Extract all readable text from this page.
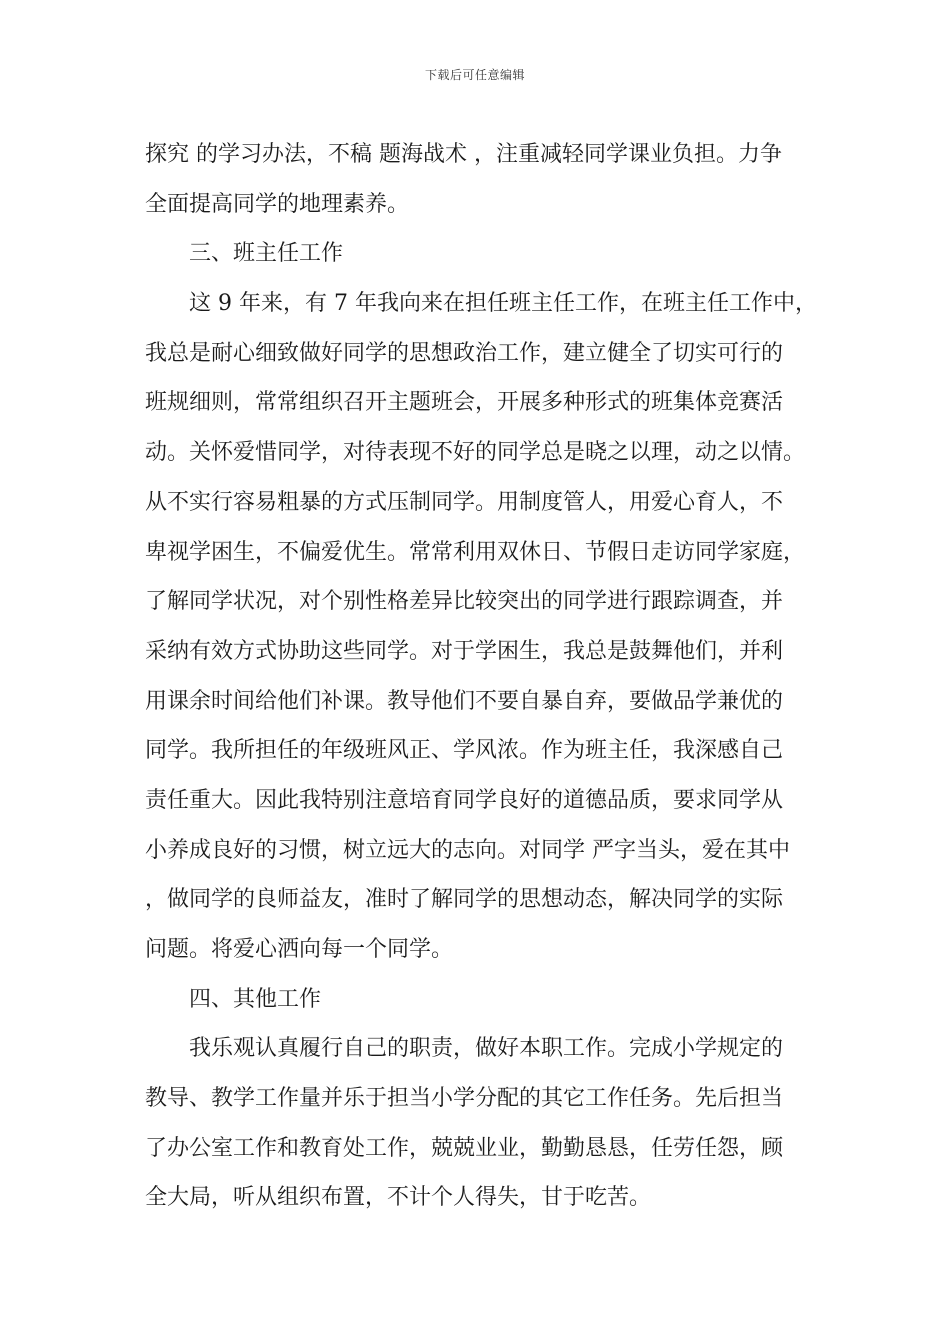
下载后可任意编辑
探究 的学习办法，不稿 题海战术 ，注重减轻同学课业负担。力争
全面提高同学的地理素养。
三、班主任工作
这 9 年来，有 7 年我向来在担任班主任工作，在班主任工作中，
我总是耐心细致做好同学的思想政治工作，建立健全了切实可行的
班规细则，常常组织召开主题班会，开展多种形式的班集体竞赛活
动。关怀爱惜同学，对待表现不好的同学总是晓之以理，动之以情。
从不实行容易粗暴的方式压制同学。用制度管人，用爱心育人，不
卑视学困生，不偏爱优生。常常利用双休日、节假日走访同学家庭，
了解同学状况，对个别性格差异比较突出的同学进行跟踪调查，并
采纳有效方式协助这些同学。对于学困生，我总是鼓舞他们，并利
用课余时间给他们补课。教导他们不要自暴自弃，要做品学兼优的
同学。我所担任的年级班风正、学风浓。作为班主任，我深感自己
责任重大。因此我特别注意培育同学良好的道德品质，要求同学从
小养成良好的习惯，树立远大的志向。对同学 严字当头，爱在其中
，做同学的良师益友，准时了解同学的思想动态，解决同学的实际
问题。将爱心洒向每一个同学。
四、其他工作
我乐观认真履行自己的职责，做好本职工作。完成小学规定的
教导、教学工作量并乐于担当小学分配的其它工作任务。先后担当
了办公室工作和教育处工作，兢兢业业，勤勤恳恳，任劳任怨，顾
全大局，听从组织布置，不计个人得失，甘于吃苦。
